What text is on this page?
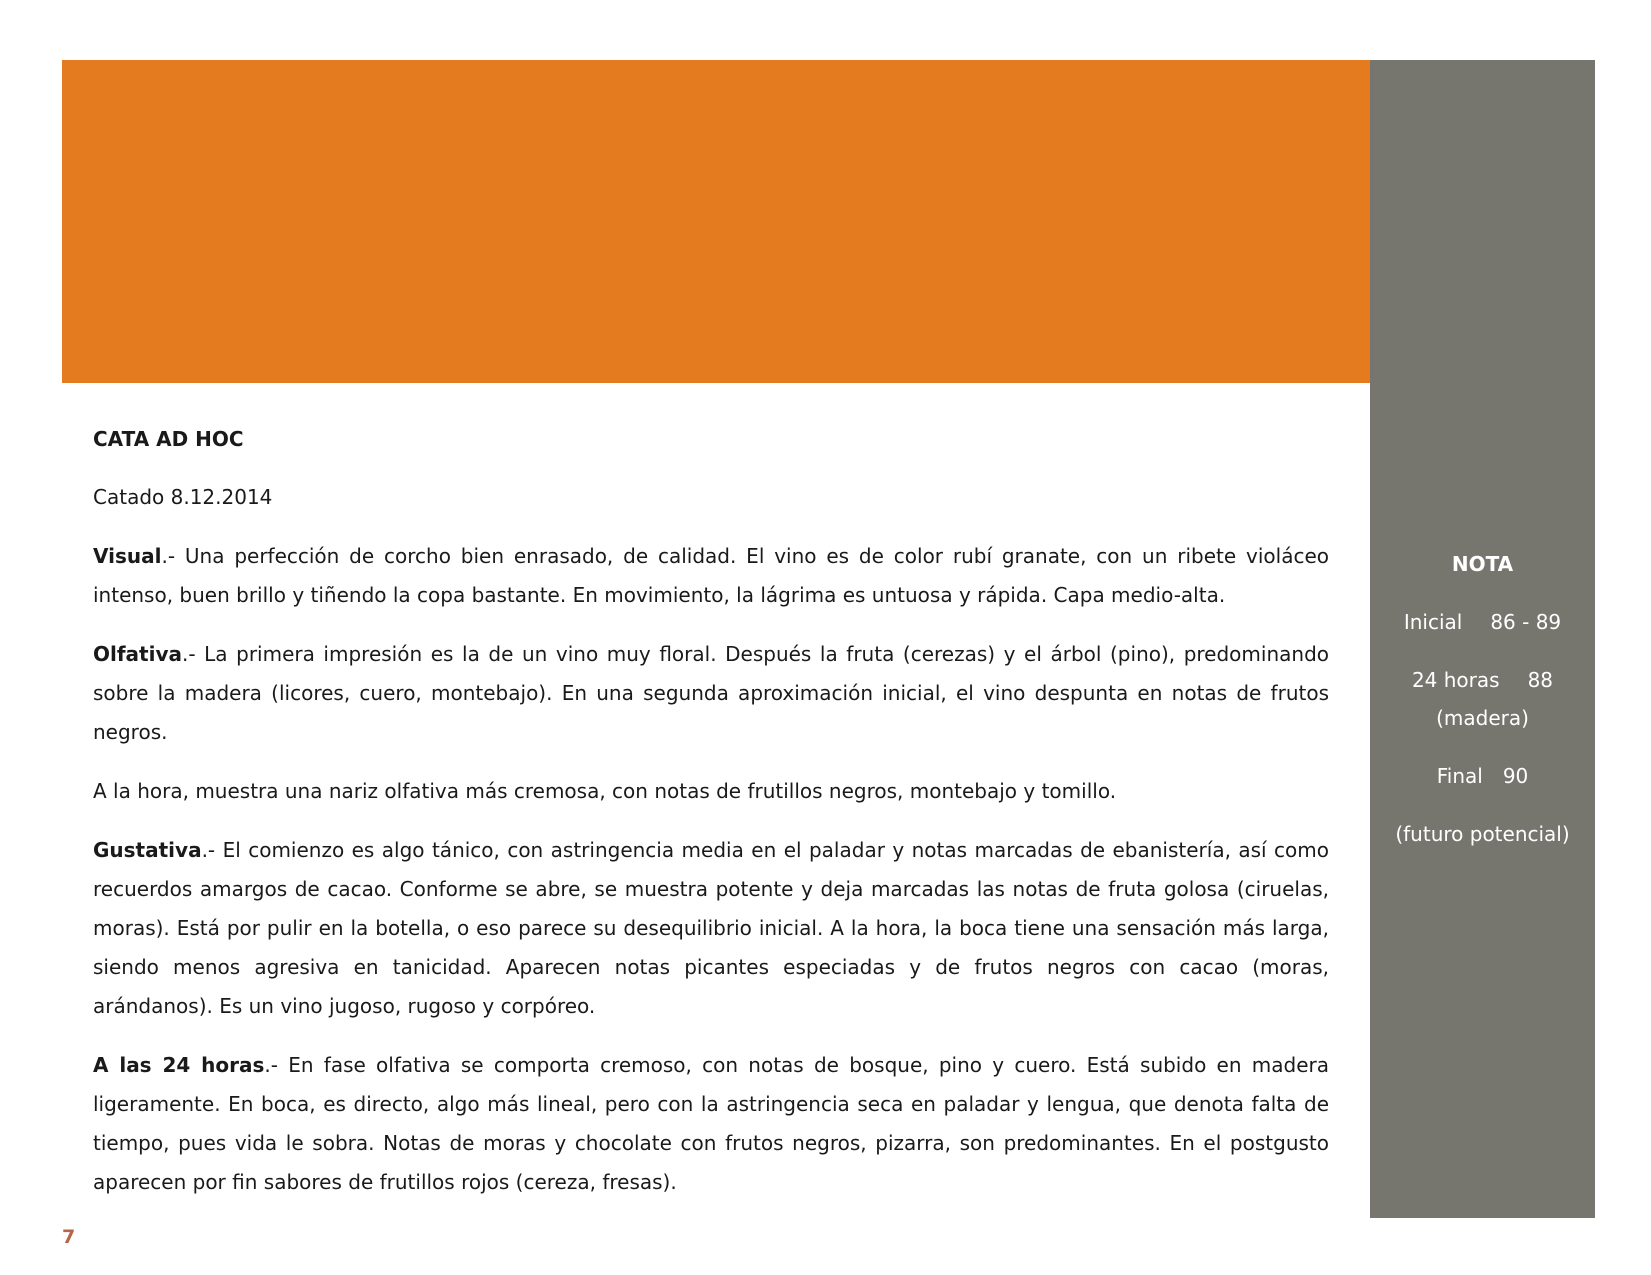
CATA AD HOC

Catado 8.12.2014

Visual.- Una perfección de corcho bien enrasado, de calidad. El vino es de color rubí granate, con un ribete violáceo intenso, buen brillo y tiñendo la copa bastante. En movimiento, la lágrima es untuosa y rápida. Capa medio-alta.

Olfativa.- La primera impresión es la de un vino muy floral. Después la fruta (cerezas) y el árbol (pino), predominando sobre la madera (licores, cuero, montebajo). En una segunda aproximación inicial, el vino despunta en notas de frutos negros.

A la hora, muestra una nariz olfativa más cremosa, con notas de frutillos negros, montebajo y tomillo.

Gustativa.- El comienzo es algo tánico, con astringencia media en el paladar y notas marcadas de ebanistería, así como recuerdos amargos de cacao. Conforme se abre, se muestra potente y deja marcadas las notas de fruta golosa (ciruelas, moras). Está por pulir en la botella, o eso parece su desequilibrio inicial. A la hora, la boca tiene una sensación más larga, siendo menos agresiva en tanicidad. Aparecen notas picantes especiadas y de frutos negros con cacao (moras, arándanos). Es un vino jugoso, rugoso y corpóreo.

A las 24 horas.- En fase olfativa se comporta cremoso, con notas de bosque, pino y cuero. Está subido en madera ligeramente. En boca, es directo, algo más lineal, pero con la astringencia seca en paladar y lengua, que denota falta de tiempo, pues vida le sobra. Notas de moras y chocolate con frutos negros, pizarra, son predominantes. En el postgusto aparecen por fin sabores de frutillos rojos (cereza, fresas).

NOTA
Inicial 86 - 89
24 horas 88
(madera)
Final 90
(futuro potencial)
7
